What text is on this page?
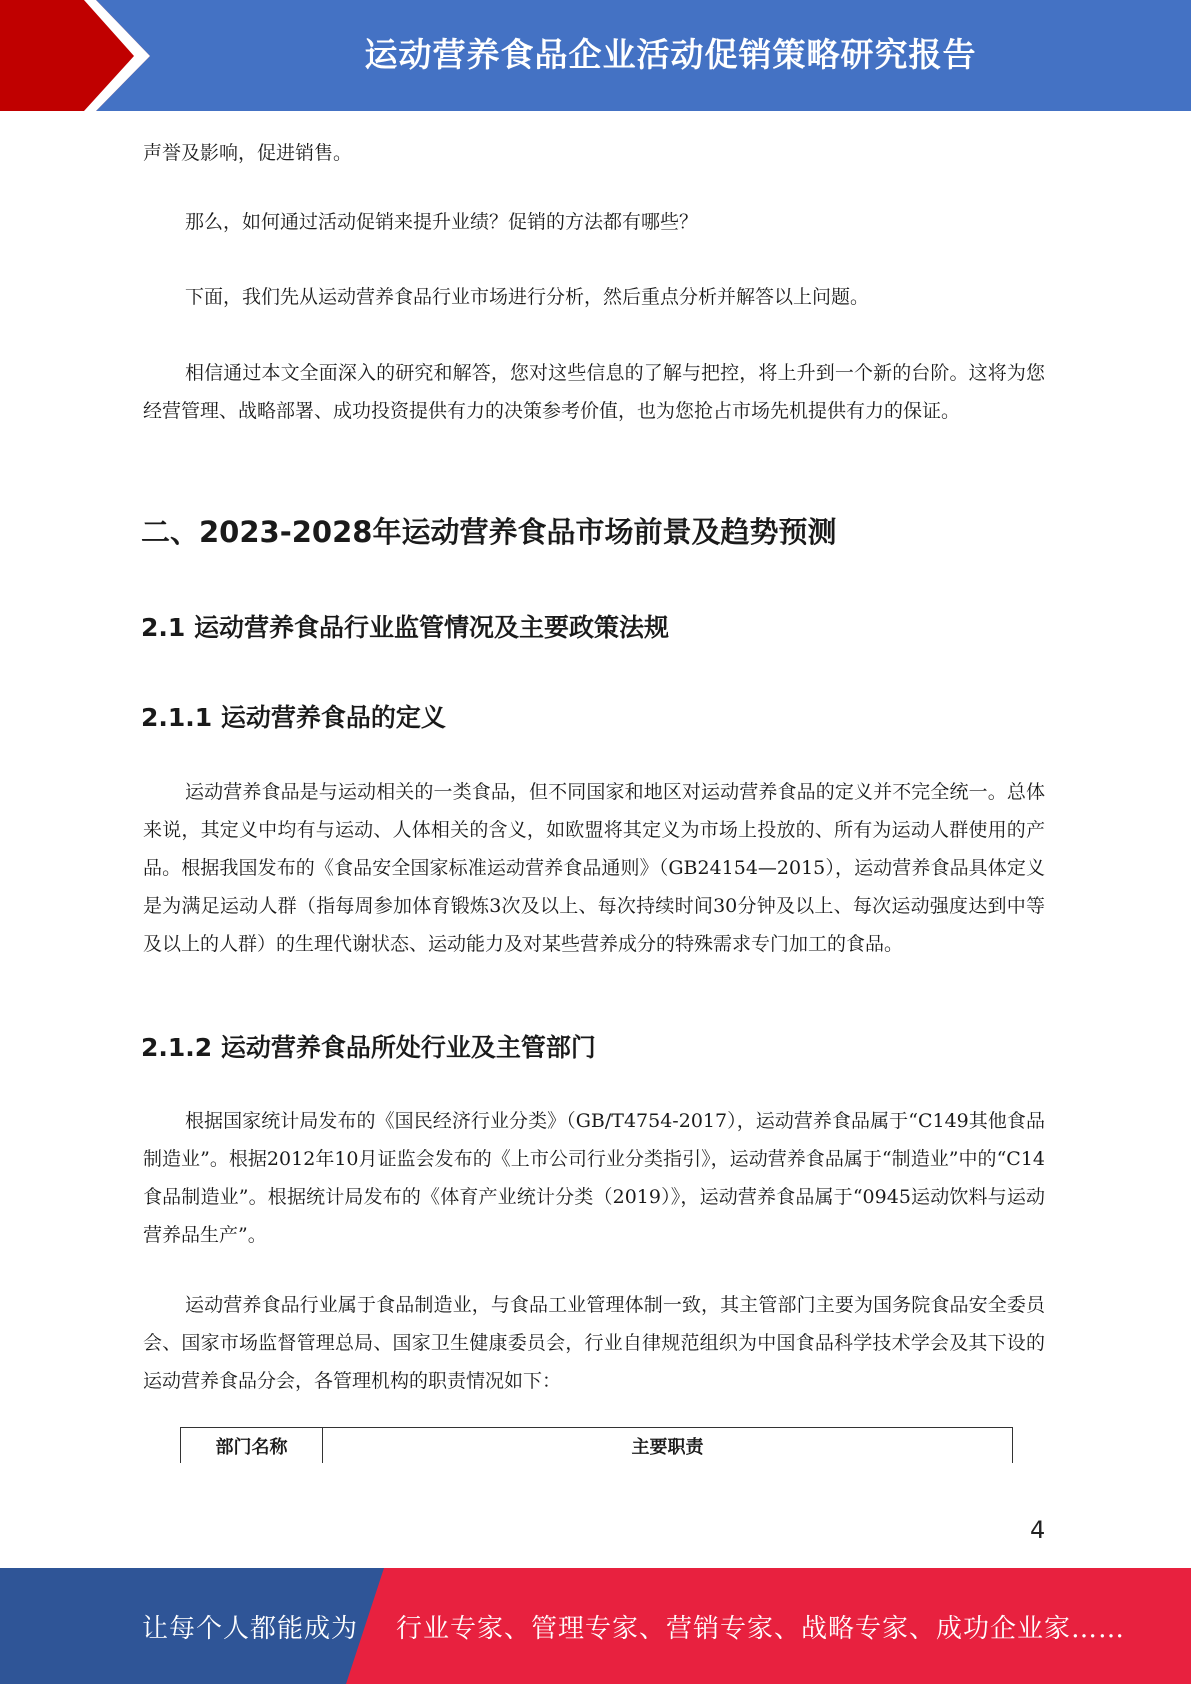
运动营养食品企业活动促销策略研究报告

声誉及影响，促进销售。

那么，如何通过活动促销来提升业绩？促销的方法都有哪些？

下面，我们先从运动营养食品行业市场进行分析，然后重点分析并解答以上问题。

相信通过本文全面深入的研究和解答，您对这些信息的了解与把控，将上升到一个新的台阶。这将为您经营管理、战略部署、成功投资提供有力的决策参考价值，也为您抢占市场先机提供有力的保证。

二、2023-2028年运动营养食品市场前景及趋势预测
2.1 运动营养食品行业监管情况及主要政策法规
2.1.1 运动营养食品的定义

运动营养食品是与运动相关的一类食品，但不同国家和地区对运动营养食品的定义并不完全统一。总体来说，其定义中均有与运动、人体相关的含义，如欧盟将其定义为市场上投放的、所有为运动人群使用的产品。根据我国发布的《食品安全国家标准运动营养食品通则》（GB24154—2015），运动营养食品具体定义是为满足运动人群（指每周参加体育锻炼3次及以上、每次持续时间30分钟及以上、每次运动强度达到中等及以上的人群）的生理代谢状态、运动能力及对某些营养成分的特殊需求专门加工的食品。

2.1.2 运动营养食品所处行业及主管部门

根据国家统计局发布的《国民经济行业分类》（GB/T4754-2017），运动营养食品属于“C149其他食品制造业”。根据2012年10月证监会发布的《上市公司行业分类指引》，运动营养食品属于“制造业”中的“C14食品制造业”。根据统计局发布的《体育产业统计分类（2019）》，运动营养食品属于“0945运动饮料与运动营养品生产”。

运动营养食品行业属于食品制造业，与食品工业管理体制一致，其主管部门主要为国务院食品安全委员会、国家市场监督管理总局、国家卫生健康委员会，行业自律规范组织为中国食品科学技术学会及其下设的运动营养食品分会，各管理机构的职责情况如下：

部门名称	主要职责
4
让每个人都能成为 行业专家、管理专家、营销专家、战略专家、成功企业家……
